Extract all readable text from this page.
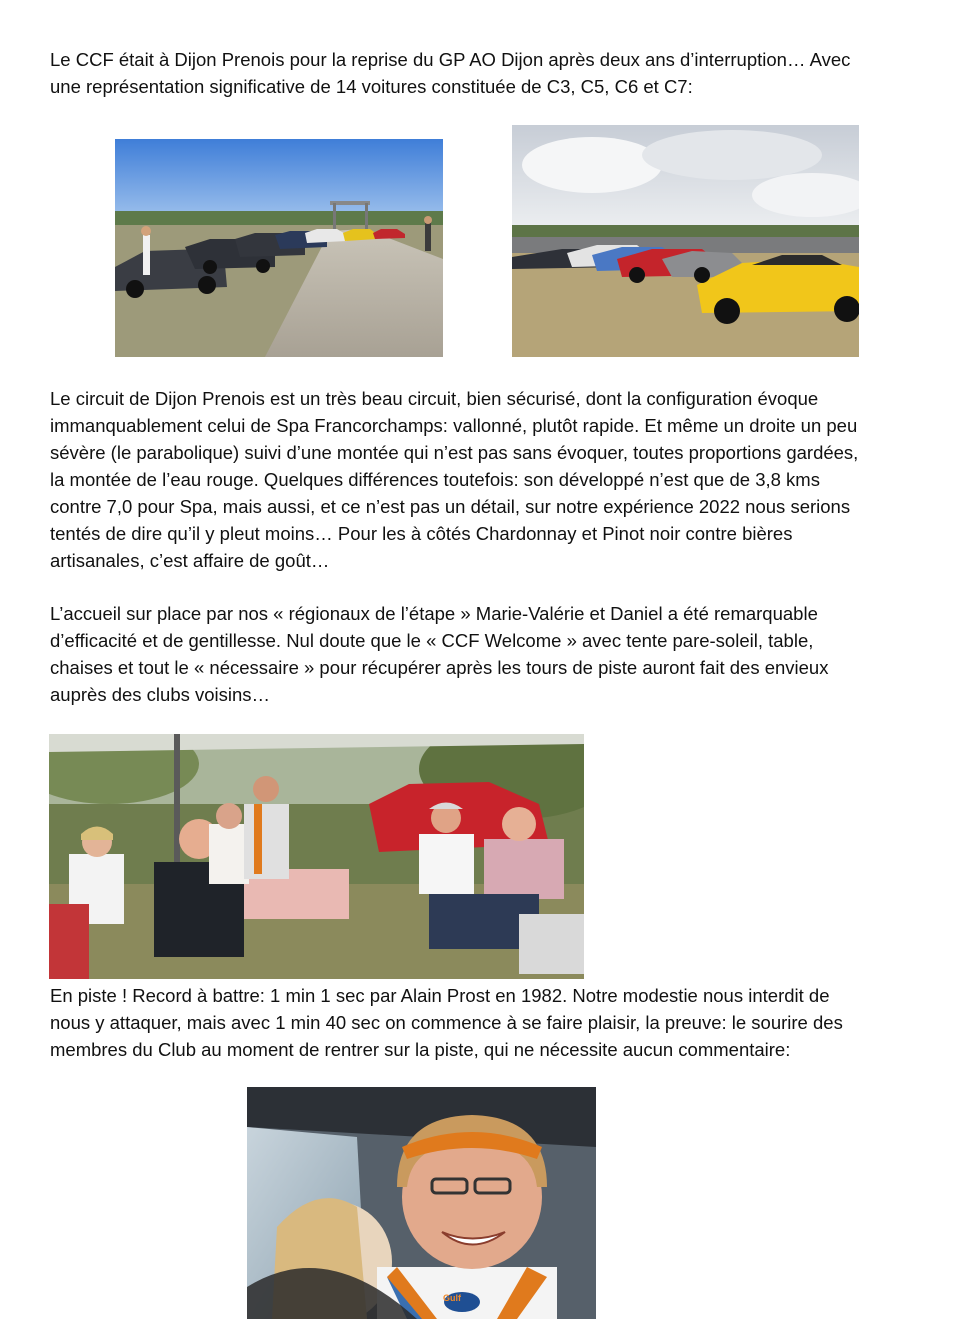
Le CCF était à Dijon Prenois pour la reprise du GP AO Dijon après deux ans d’interruption… Avec
une représentation significative de 14 voitures constituée de C3, C5, C6 et C7:
Le circuit de Dijon Prenois est un très beau circuit, bien sécurisé, dont la configuration évoque
immanquablement celui de Spa Francorchamps: vallonné, plutôt rapide. Et même un droite un peu
sévère (le parabolique) suivi d’une montée qui n’est pas sans évoquer, toutes proportions gardées,
la montée de l’eau rouge. Quelques différences toutefois: son développé n’est que de 3,8 kms
contre 7,0 pour Spa, mais aussi, et ce n’est pas un détail, sur notre expérience 2022 nous serions
tentés de dire qu’il y pleut moins… Pour les à côtés Chardonnay et Pinot noir contre bières
artisanales, c’est affaire de goût…
L’accueil sur place par nos « régionaux de l’étape » Marie-Valérie et Daniel a été remarquable
d’efficacité et de gentillesse. Nul doute que le « CCF Welcome » avec tente pare-soleil, table,
chaises et tout le « nécessaire » pour récupérer après les tours de piste auront fait des envieux
auprès des clubs voisins…
En piste ! Record à battre: 1 min 1 sec par Alain Prost en 1982. Notre modestie nous interdit de
nous y attaquer, mais avec 1 min 40 sec on commence à se faire plaisir, la preuve: le sourire des
membres du Club au moment de rentrer sur la piste, qui ne nécessite aucun commentaire:
Gulf
